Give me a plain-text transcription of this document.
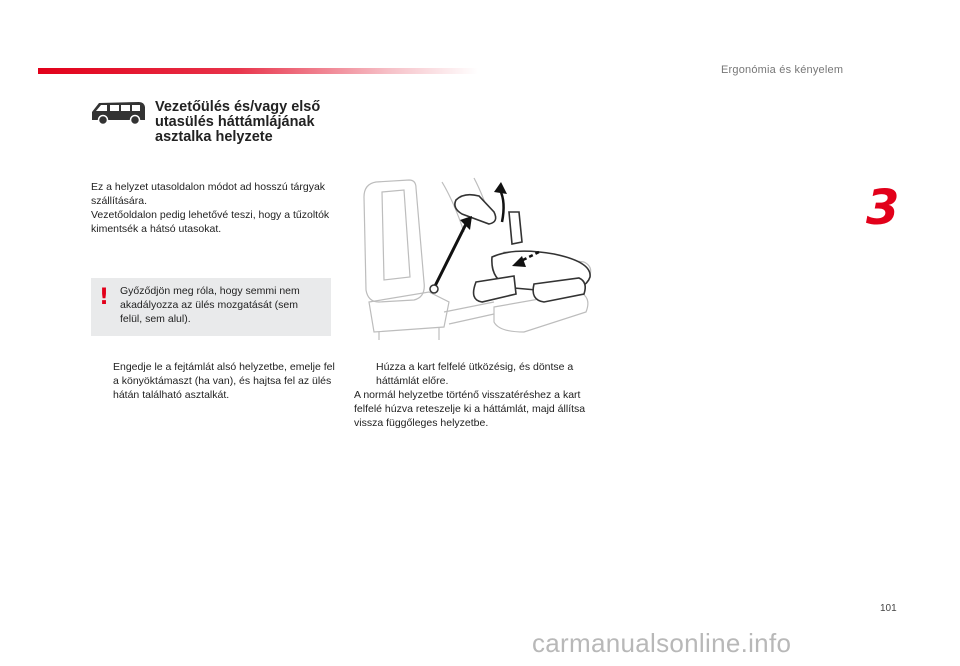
Ergonómia és kényelem
3
Vezetőülés és/vagy első utasülés háttámlájának asztalka helyzete

Ez a helyzet utasoldalon módot ad hosszú tárgyak szállítására.

Vezetőoldalon pedig lehetővé teszi, hogy a tűzoltók kimentsék a hátsó utasokat.

! Győződjön meg róla, hogy semmi nem akadályozza az ülés mozgatását (sem felül, sem alul).
Engedje le a fejtámlát alsó helyzetbe, emelje fel a könyöktámaszt (ha van), és hajtsa fel az ülés hátán található asztalkát.
Húzza a kart felfelé ütközésig, és döntse a háttámlát előre.

A normál helyzetbe történő visszatéréshez a kart felfelé húzva reteszelje ki a háttámlát, majd állítsa vissza függőleges helyzetbe.

101
carmanualsonline.info
